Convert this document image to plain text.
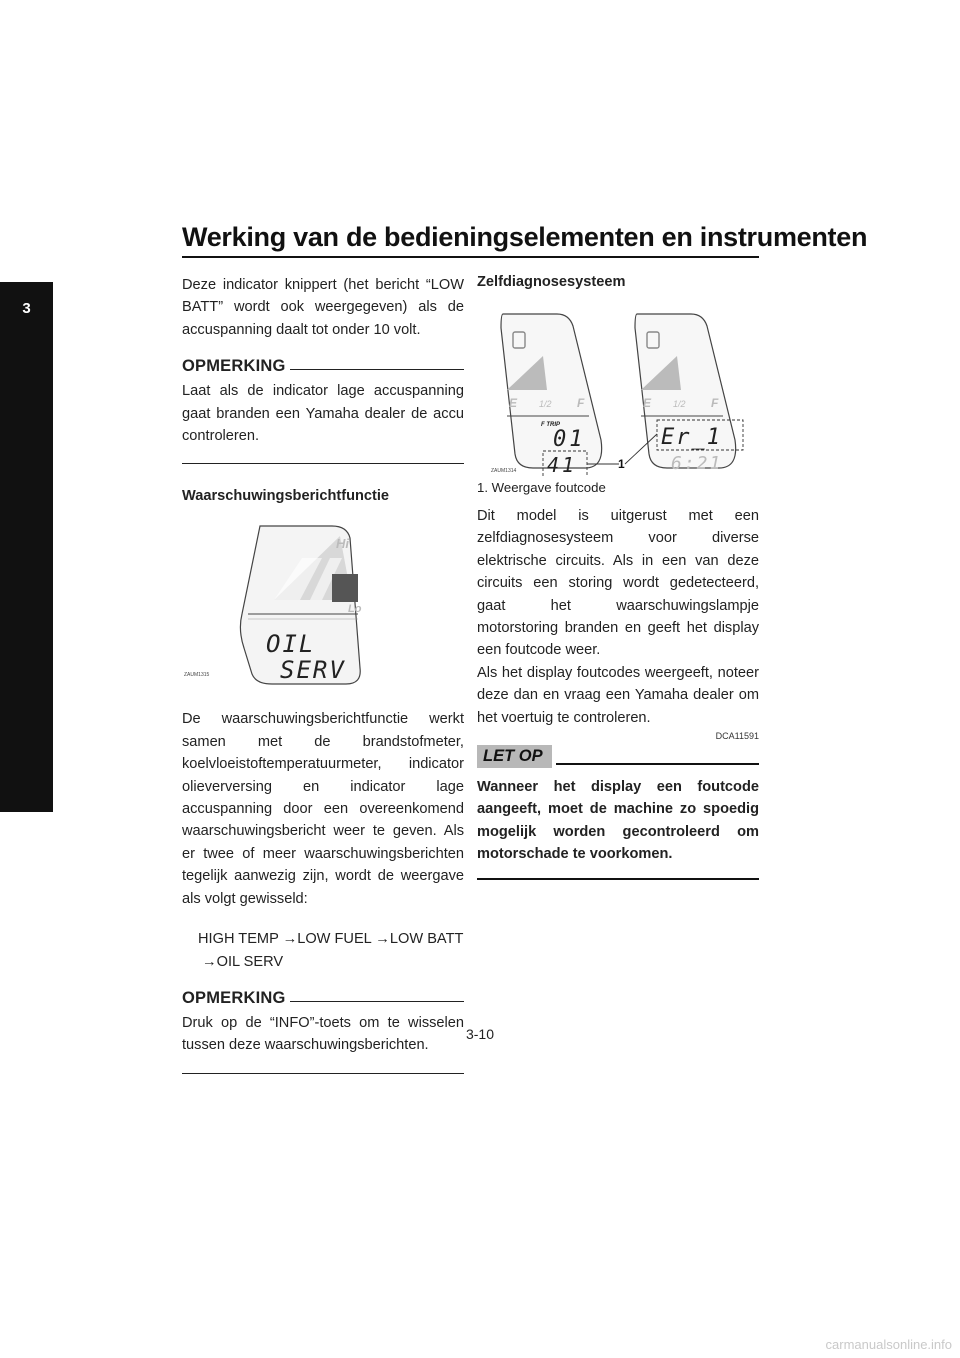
Werking van de bedieningselementen en instrumenten
3

Deze indicator knippert (het bericht “LOW BATT” wordt ook weergegeven) als de accuspanning daalt tot onder 10 volt.

OPMERKING

Laat als de indicator lage accuspanning gaat branden een Yamaha dealer de accu controleren.

Waarschuwingsberichtfunctie
Hi
Lo
OIL
SERV
ZAUM1315

De waarschuwingsberichtfunctie werkt samen met de brandstofmeter, koelvloeistoftemperatuurmeter, indicator olieverversing en indicator lage accuspanning door een overeenkomend waarschuwingsbericht weer te geven. Als er twee of meer waarschuwingsberichten tegelijk aanwezig zijn, wordt de weergave als volgt gewisseld:

HIGH TEMP →LOW FUEL →LOW BATT →OIL SERV

OPMERKING

Druk op de “INFO”-toets om te wisselen tussen deze waarschuwingsberichten.

Zelfdiagnosesysteem
E 1/2 F
F TRIP
01
41
ZAUM1314
E 1/2 F
Er_1
6:21
1

1. Weergave foutcode

Dit model is uitgerust met een zelfdiagnosesysteem voor diverse elektrische circuits. Als in een van deze circuits een storing wordt gedetecteerd, gaat het waarschuwingslampje motorstoring branden en geeft het display een foutcode weer.

Als het display foutcodes weergeeft, noteer deze dan en vraag een Yamaha dealer om het voertuig te controleren.

DCA11591
LET OP

Wanneer het display een foutcode aangeeft, moet de machine zo spoedig mogelijk worden gecontroleerd om motorschade te voorkomen.

3-10
carmanualsonline.info
